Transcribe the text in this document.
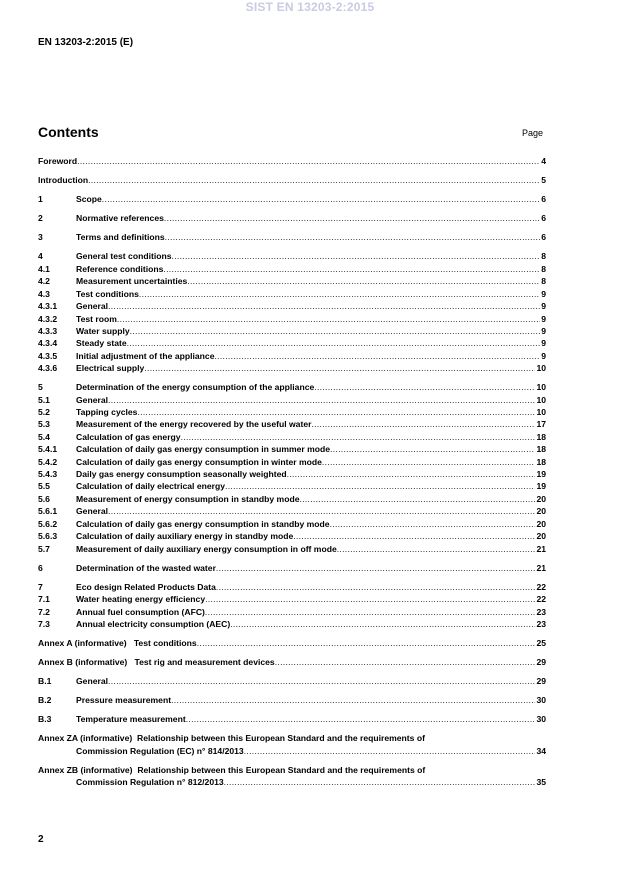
SIST EN 13203-2:2015
EN 13203-2:2015 (E)
Contents	Page
Foreword .....	4
Introduction .....	5
1	Scope .....	6
2	Normative references .....	6
3	Terms and definitions .....	6
4	General test conditions .....	8
4.1	Reference conditions .....	8
4.2	Measurement uncertainties .....	8
4.3	Test conditions .....	9
4.3.1	General .....	9
4.3.2	Test room .....	9
4.3.3	Water supply .....	9
4.3.4	Steady state .....	9
4.3.5	Initial adjustment of the appliance .....	9
4.3.6	Electrical supply .....	10
5	Determination of the energy consumption of the appliance .....	10
5.1	General .....	10
5.2	Tapping cycles .....	10
5.3	Measurement of the energy recovered by the useful water .....	17
5.4	Calculation of gas energy .....	18
5.4.1	Calculation of daily gas energy consumption in summer mode .....	18
5.4.2	Calculation of daily gas energy consumption in winter mode .....	18
5.4.3	Daily gas energy consumption seasonally weighted .....	19
5.5	Calculation of daily electrical energy .....	19
5.6	Measurement of energy consumption in standby mode .....	20
5.6.1	General .....	20
5.6.2	Calculation of daily gas energy consumption in standby mode .....	20
5.6.3	Calculation of daily auxiliary energy in standby mode .....	20
5.7	Measurement of daily auxiliary energy consumption in off mode .....	21
6	Determination of the wasted water .....	21
7	Eco design Related Products Data .....	22
7.1	Water heating energy efficiency .....	22
7.2	Annual fuel consumption (AFC) .....	23
7.3	Annual electricity consumption (AEC) .....	23
Annex A (informative)   Test conditions .....	25
Annex B (informative)   Test rig and measurement devices .....	29
B.1	General .....	29
B.2	Pressure measurement .....	30
B.3	Temperature measurement .....	30
Annex ZA (informative)  Relationship between this European Standard and the requirements of
Commission Regulation (EC) n° 814/2013 .....	34
Annex ZB (informative)  Relationship between this European Standard and the requirements of
Commission Regulation n° 812/2013 .....	35
2
